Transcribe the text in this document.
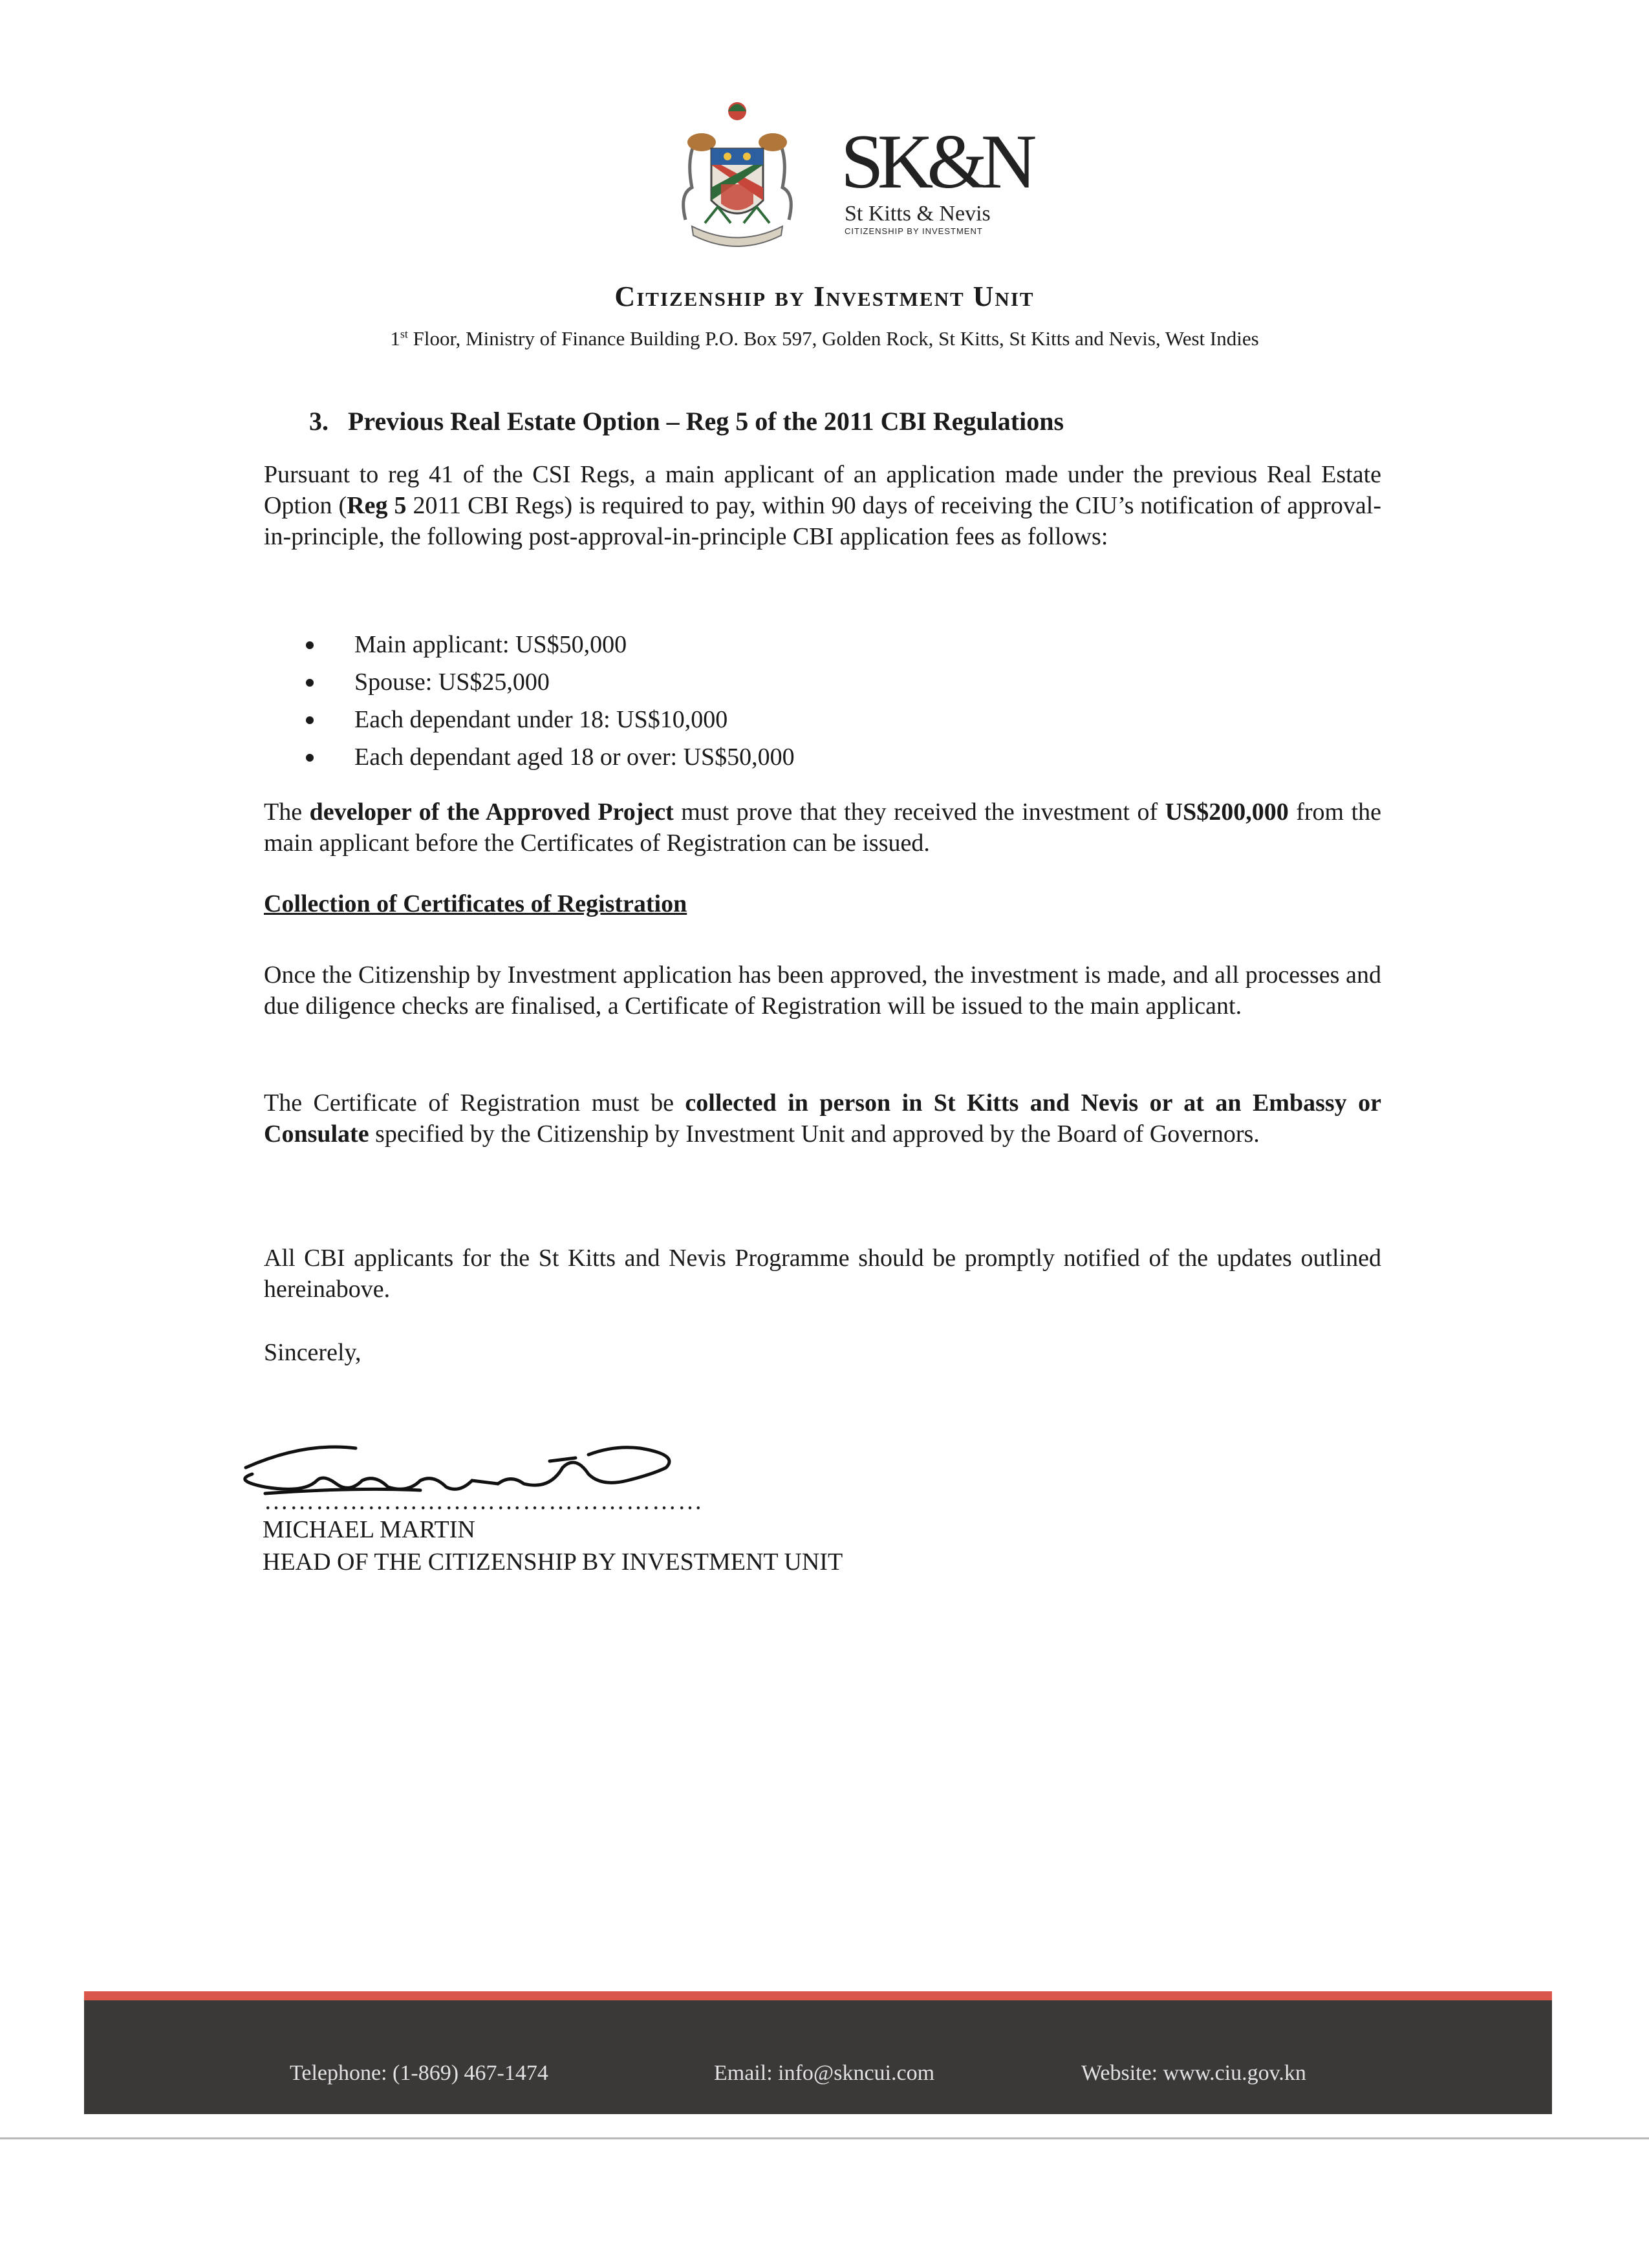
SK&N
St Kitts & Nevis
CITIZENSHIP BY INVESTMENT
Citizenship by Investment Unit
1st Floor, Ministry of Finance Building P.O. Box 597, Golden Rock, St Kitts, St Kitts and Nevis, West Indies
3.   Previous Real Estate Option – Reg 5 of the 2011 CBI Regulations
Pursuant to reg 41 of the CSI Regs, a main applicant of an application made under the previous Real Estate Option (Reg 5 2011 CBI Regs) is required to pay, within 90 days of receiving the CIU’s notification of approval-in-principle, the following post-approval-in-principle CBI application fees as follows:
Main applicant: US$50,000
Spouse: US$25,000
Each dependant under 18: US$10,000
Each dependant aged 18 or over: US$50,000
The developer of the Approved Project must prove that they received the investment of US$200,000 from the main applicant before the Certificates of Registration can be issued.
Collection of Certificates of Registration
Once the Citizenship by Investment application has been approved, the investment is made, and all processes and due diligence checks are finalised, a Certificate of Registration will be issued to the main applicant.
The Certificate of Registration must be collected in person in St Kitts and Nevis or at an Embassy or Consulate specified by the Citizenship by Investment Unit and approved by the Board of Governors.
All CBI applicants for the St Kitts and Nevis Programme should be promptly notified of the updates outlined hereinabove.
Sincerely,
……………………………………………
MICHAEL MARTIN
HEAD OF THE CITIZENSHIP BY INVESTMENT UNIT
Telephone: (1-869) 467-1474	Email: info@skncui.com	Website: www.ciu.gov.kn
